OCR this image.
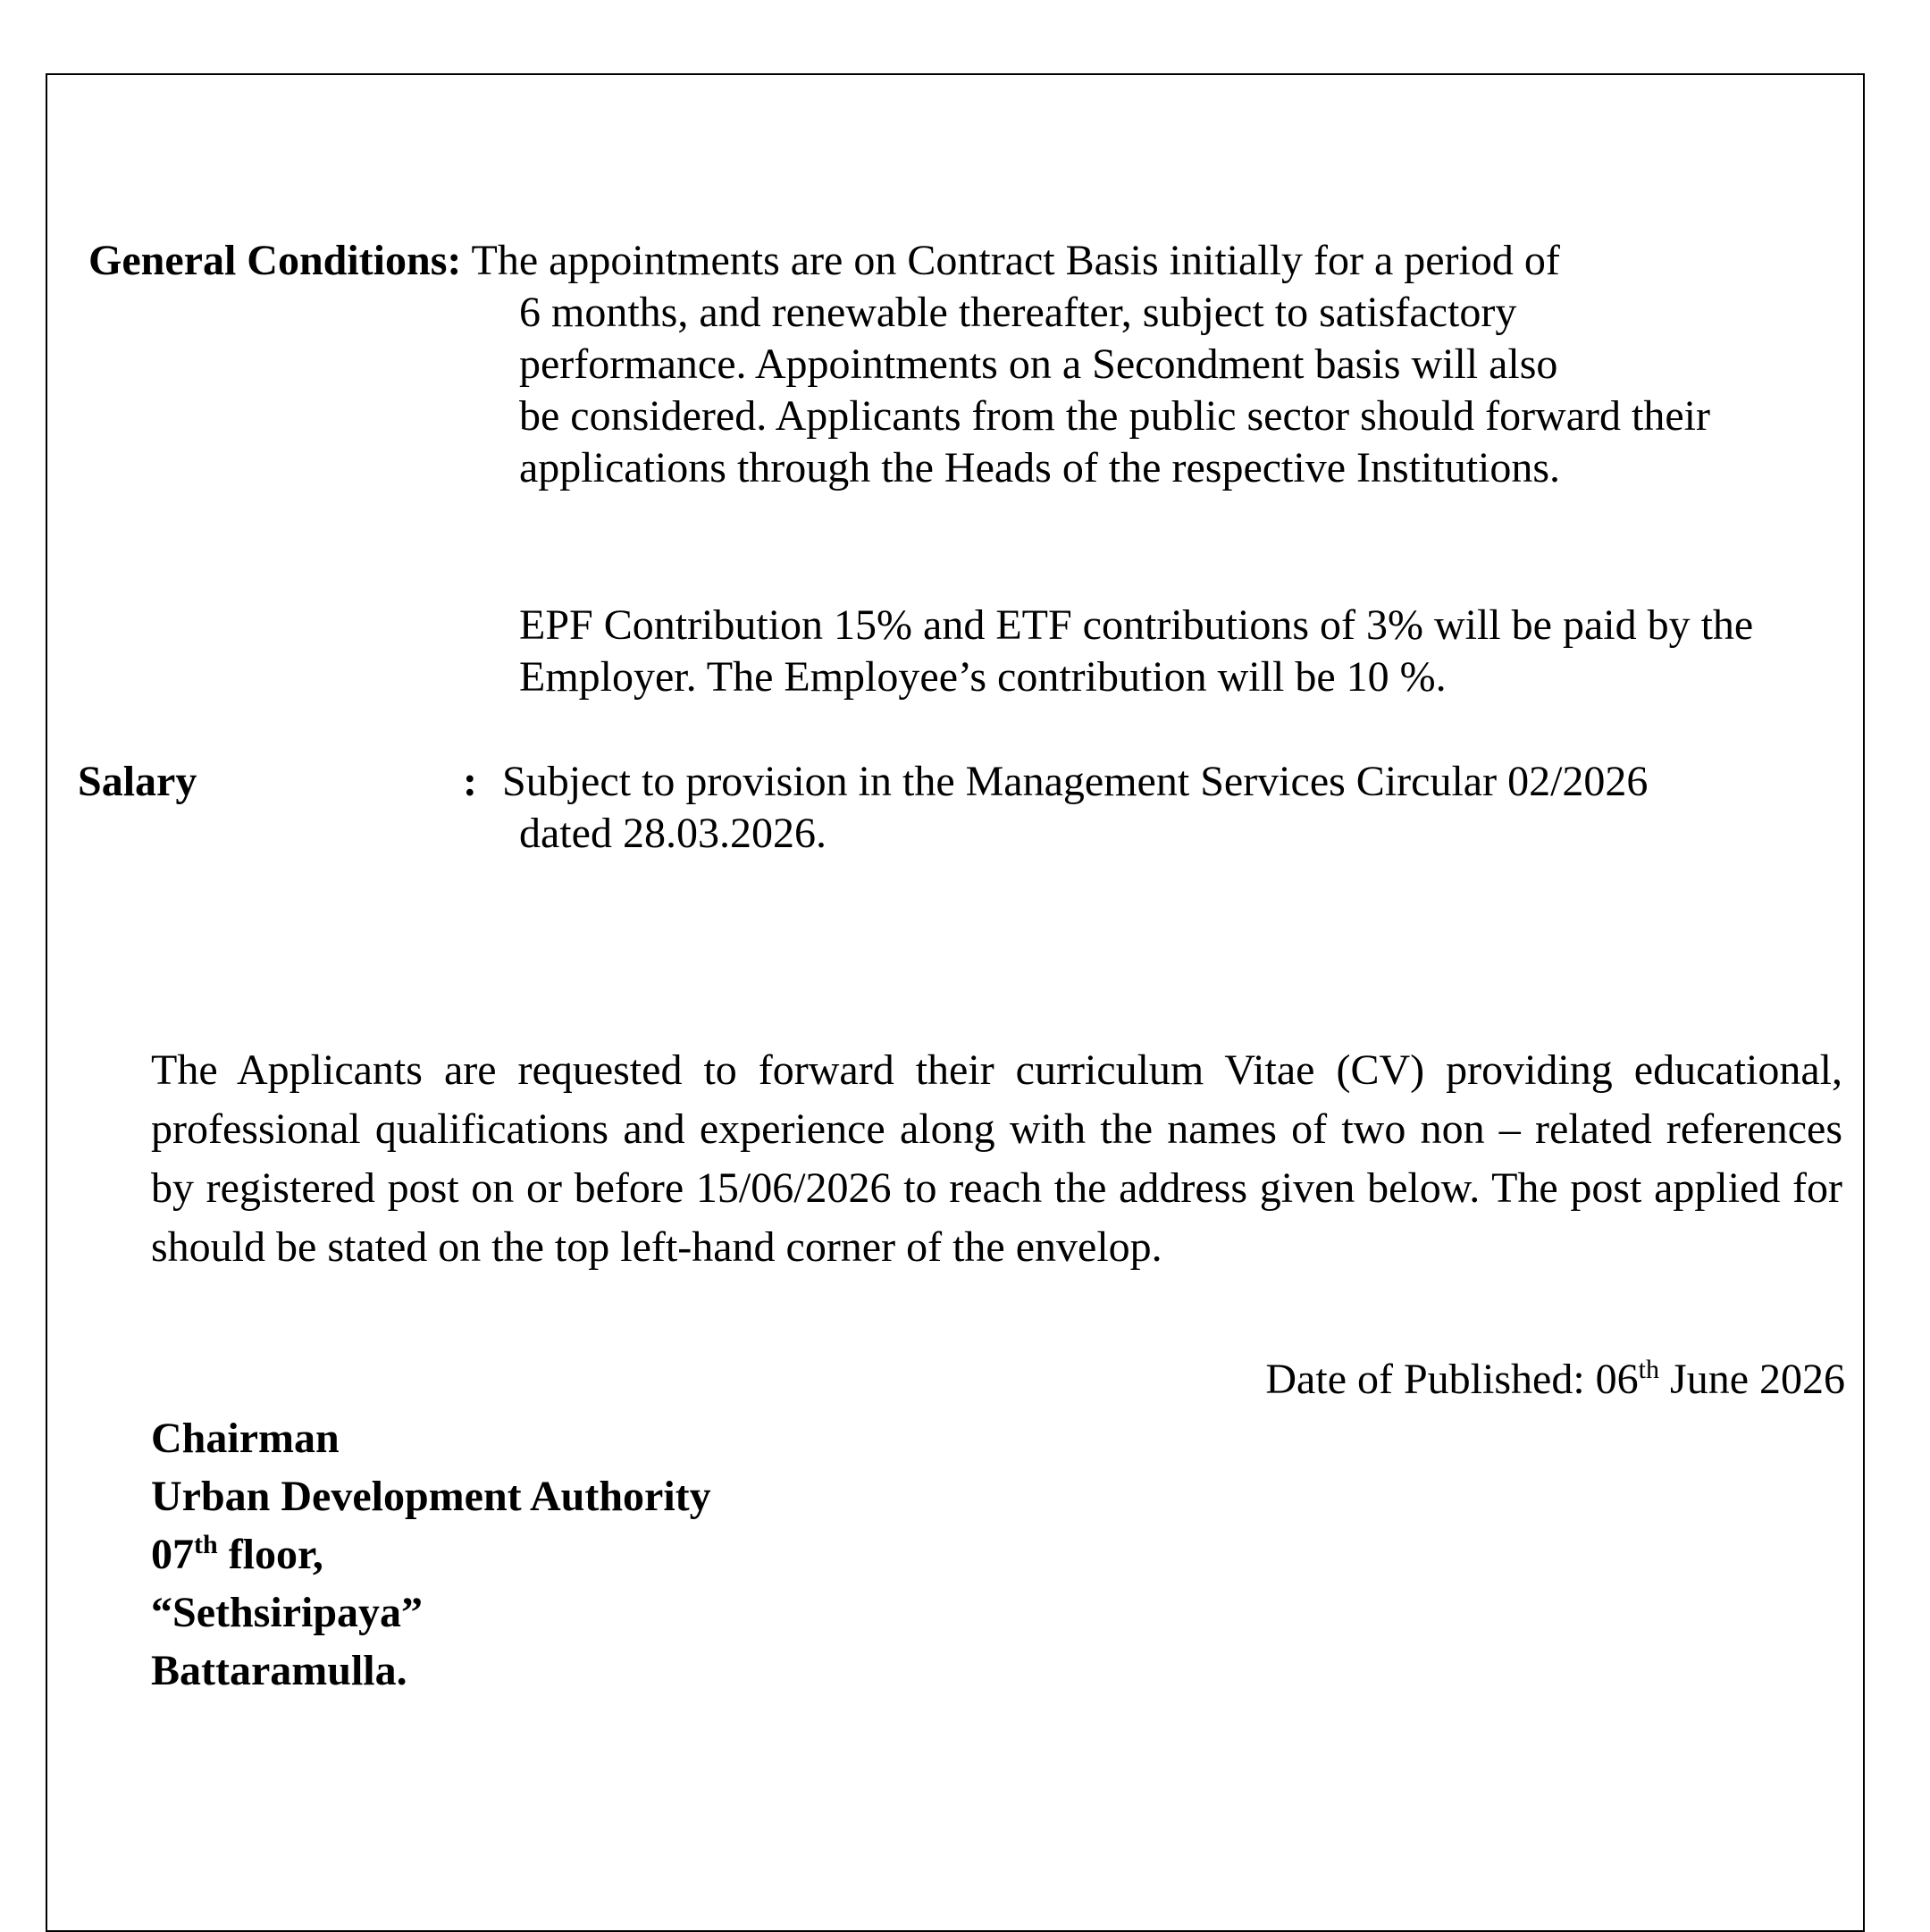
General Conditions: The appointments are on Contract Basis initially for a period of
6 months, and renewable thereafter, subject to satisfactory
performance. Appointments on a Secondment basis will also
be considered. Applicants from the public sector should forward their
applications through the Heads of the respective Institutions.
EPF Contribution 15% and ETF contributions of 3% will be paid by the
Employer. The Employee’s contribution will be 10 %.
Salary	: Subject to provision in the Management Services Circular 02/2026
dated 28.03.2026.

The Applicants are requested to forward their curriculum Vitae (CV) providing educational, professional qualifications and experience along with the names of two non – related references by registered post on or before 15/06/2026 to reach the address given below. The post applied for should be stated on the top left-hand corner of the envelop.

Date of Published: 06th June 2026
Chairman
Urban Development Authority
07th floor,
“Sethsiripaya”
Battaramulla.
